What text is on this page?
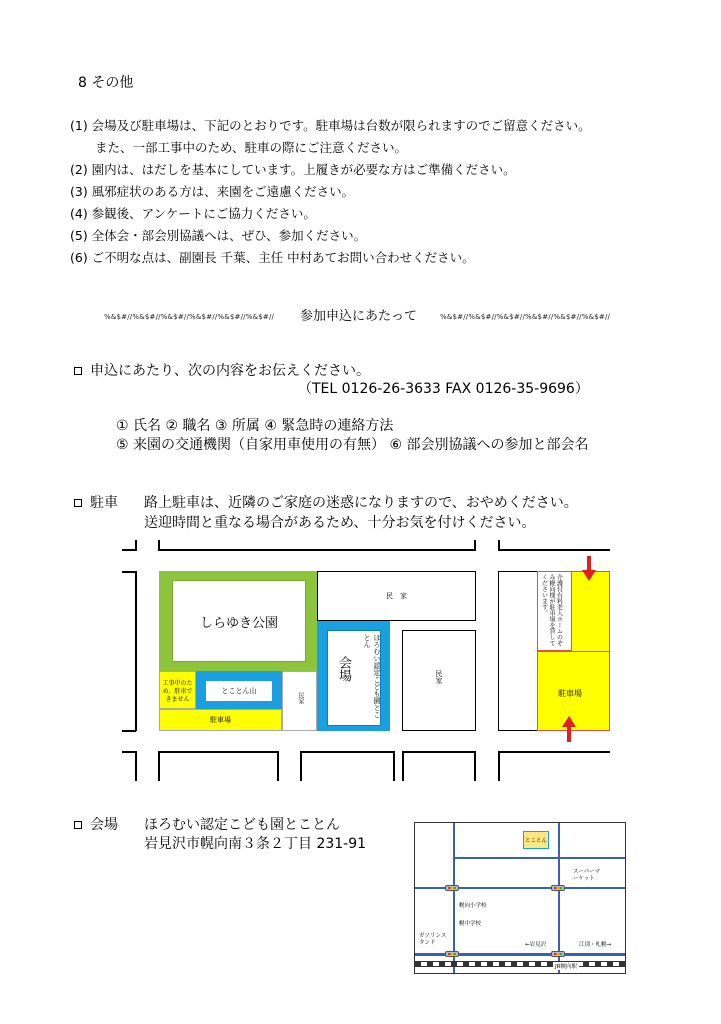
8 その他
(1) 会場及び駐車場は、下記のとおりです。駐車場は台数が限られますのでご留意ください。
　　また、一部工事中のため、駐車の際にご注意ください。
(2) 園内は、はだしを基本にしています。上履きが必要な方はご準備ください。
(3) 風邪症状のある方は、来園をご遠慮ください。
(4) 参観後、アンケートにご協力ください。
(5) 全体会・部会別協議へは、ぜひ、参加ください。
(6) ご不明な点は、副園長 千葉、主任 中村あてお問い合わせください。
%&$#//%&$#//%&$#//%&$#//%&$#//%&$#// 参加申込にあたって	%&$#//%&$#//%&$#//%&$#//%&$#//%&$#//
申込にあたり、次の内容をお伝えください。
（TEL 0126-26-3633 FAX 0126-35-9696）
① 氏名 ② 職名 ③ 所属 ④ 緊急時の連絡方法
⑤ 来園の交通機関（自家用車使用の有無） ⑥ 部会別協議への参加と部会名
駐車 路上駐車は、近隣のご家庭の迷惑になりますので、おやめください。
送迎時間と重なる場合があるため、十分お気を付けください。
しらゆき公園
民　家
ほろむい認定こども園とことん
会場	民家
工事中のため、駐車できません
とことん山
民家
駐車場
介護付有料老人ホームのぞみ幌向様が駐車場を貸してくださいます。
駐車場
会場 ほろむい認定こども園とことん
岩見沢市幌向南３条２丁目 231-91	とことん
スーパーマーケット
幌向小学校
幌中学校
ガソリンスタンド	←岩見沢	江別・札幌→
JR幌向駅
